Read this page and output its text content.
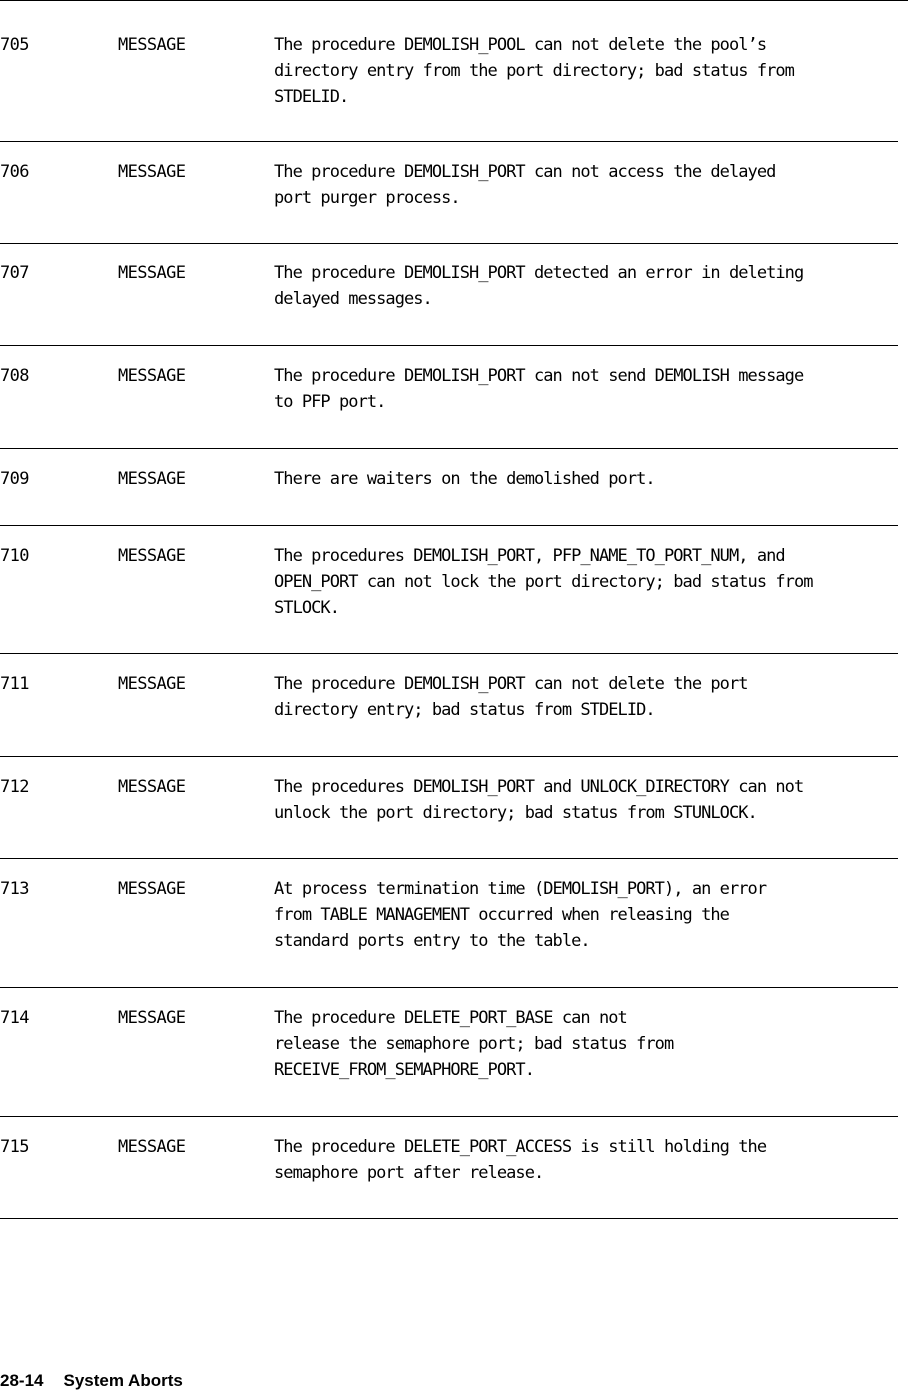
705	MESSAGE	The procedure DEMOLISH_POOL can not delete the pool’s
directory entry from the port directory; bad status from
STDELID.
706	MESSAGE	The procedure DEMOLISH_PORT can not access the delayed
port purger process.
707	MESSAGE	The procedure DEMOLISH_PORT detected an error in deleting
delayed messages.
708	MESSAGE	The procedure DEMOLISH_PORT can not send DEMOLISH message
to PFP port.
709	MESSAGE	There are waiters on the demolished port.
710	MESSAGE	The procedures DEMOLISH_PORT, PFP_NAME_TO_PORT_NUM, and
OPEN_PORT can not lock the port directory; bad status from
STLOCK.
711	MESSAGE	The procedure DEMOLISH_PORT can not delete the port
directory entry; bad status from STDELID.
712	MESSAGE	The procedures DEMOLISH_PORT and UNLOCK_DIRECTORY can not
unlock the port directory; bad status from STUNLOCK.
713	MESSAGE	At process termination time (DEMOLISH_PORT), an error
from TABLE MANAGEMENT occurred when releasing the
standard ports entry to the table.
714	MESSAGE	The procedure DELETE_PORT_BASE can not
release the semaphore port; bad status from
RECEIVE_FROM_SEMAPHORE_PORT.
715	MESSAGE	The procedure DELETE_PORT_ACCESS is still holding the
semaphore port after release.
28-14 System Aborts
